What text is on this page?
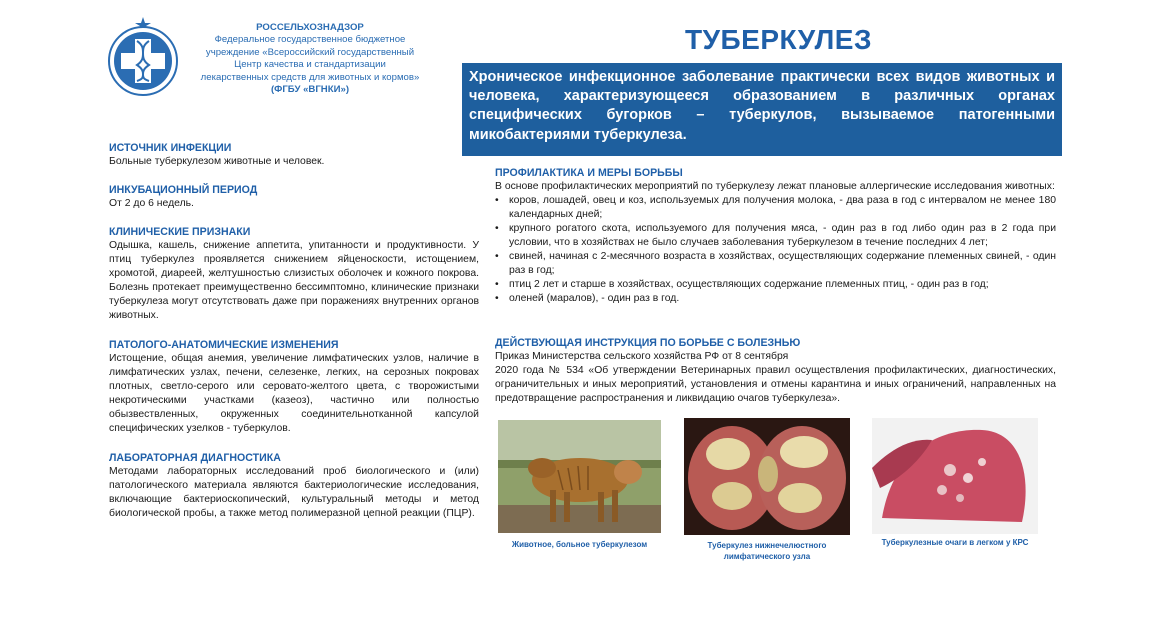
РОССЕЛЬХОЗНАДЗОР
Федеральное государственное бюджетное
учреждение «Всероссийский государственный
Центр качества и стандартизации
лекарственных средств для животных и кормов»
(ФГБУ «ВГНКИ»)
ТУБЕРКУЛЕЗ
Хроническое инфекционное заболевание практически всех видов животных и человека, характеризующееся образованием в различных органах специфических бугорков – туберкулов, вызываемое патогенными микобактериями туберкулеза.
ИСТОЧНИК ИНФЕКЦИИ
Больные туберкулезом животные и человек.
ИНКУБАЦИОННЫЙ ПЕРИОД
От 2 до 6 недель.
КЛИНИЧЕСКИЕ ПРИЗНАКИ
Одышка, кашель, снижение аппетита, упитанности и продуктивности. У птиц туберкулез проявляется снижением яйценоскости, истощением, хромотой, диареей, желтушностью слизистых оболочек и кожного покрова. Болезнь протекает преимущественно бессимптомно, клинические признаки туберкулеза могут отсутствовать даже при поражениях внутренних органов животных.
ПАТОЛОГО-АНАТОМИЧЕСКИЕ ИЗМЕНЕНИЯ
Истощение, общая анемия, увеличение лимфатических узлов, наличие в лимфатических узлах, печени, селезенке, легких, на серозных покровах плотных, светло-серого или серовато-желтого цвета, с творожистыми некротическими участками (казеоз), частично или полностью обызвествленных, окруженных соединительнотканной капсулой специфических узелков - туберкулов.
ЛАБОРАТОРНАЯ ДИАГНОСТИКА
Методами лабораторных исследований проб биологического и (или) патологического материала являются бактериологические исследования, включающие бактериоскопический, культуральный методы и метод биологической пробы, а также метод полимеразной цепной реакции (ПЦР).
ПРОФИЛАКТИКА И МЕРЫ БОРЬБЫ
В основе профилактических мероприятий по туберкулезу лежат плановые аллергические исследования животных:
• коров, лошадей, овец и коз, используемых для получения молока, - два раза в год с интервалом не менее 180 календарных дней;
• крупного рогатого скота, используемого для получения мяса, - один раз в год либо один раз в 2 года при условии, что в хозяйствах не было случаев заболевания туберкулезом в течение последних 4 лет;
• свиней, начиная с 2-месячного возраста в хозяйствах, осуществляющих содержание племенных свиней, - один раз в год;
• птиц 2 лет и старше в хозяйствах, осуществляющих содержание племенных птиц, - один раз в год;
• оленей (маралов), - один раз в год.
ДЕЙСТВУЮЩАЯ ИНСТРУКЦИЯ ПО БОРЬБЕ С БОЛЕЗНЬЮ
Приказ Министерства сельского хозяйства РФ от 8 сентября
2020 года № 534 «Об утверждении Ветеринарных правил осуществления профилактических, диагностических, ограничительных и иных мероприятий, установления и отмены карантина и иных ограничений, направленных на предотвращение распространения и ликвидацию очагов туберкулеза».
Животное, больное туберкулезом	Туберкулез нижнечелюстного
лимфатического узла
Туберкулезные очаги в легком у КРС
